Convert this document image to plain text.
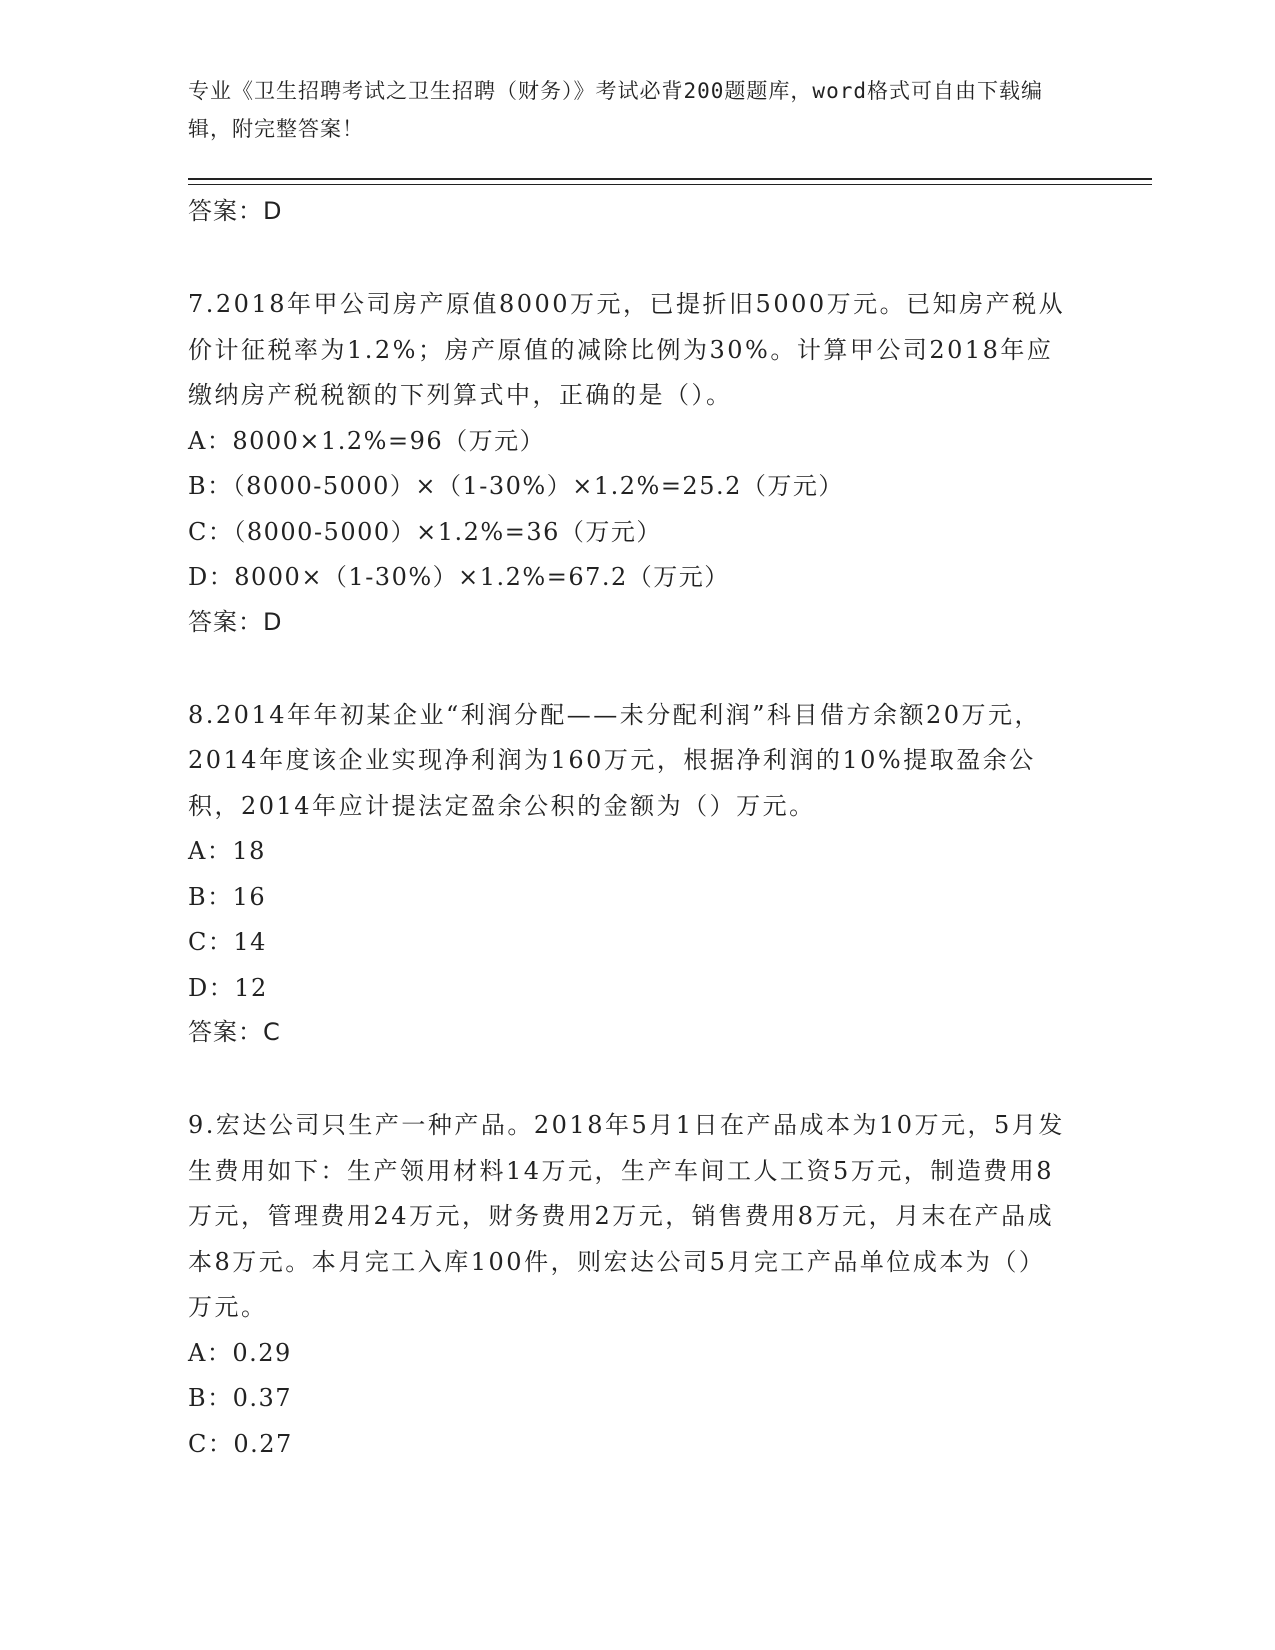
专业《卫生招聘考试之卫生招聘（财务）》考试必背200题题库，word格式可自由下载编辑，附完整答案！
答案：D
7.2018年甲公司房产原值8000万元，已提折旧5000万元。已知房产税从价计征税率为1.2%；房产原值的减除比例为30%。计算甲公司2018年应缴纳房产税税额的下列算式中，正确的是（）。
A：8000×1.2%=96（万元）
B：（8000-5000）×（1-30%）×1.2%=25.2（万元）
C：（8000-5000）×1.2%=36（万元）
D：8000×（1-30%）×1.2%=67.2（万元）
答案：D
8.2014年年初某企业“利润分配——未分配利润”科目借方余额20万元，2014年度该企业实现净利润为160万元，根据净利润的10%提取盈余公积，2014年应计提法定盈余公积的金额为（）万元。
A：18
B：16
C：14
D：12
答案：C
9.宏达公司只生产一种产品。2018年5月1日在产品成本为10万元，5月发生费用如下：生产领用材料14万元，生产车间工人工资5万元，制造费用8万元，管理费用24万元，财务费用2万元，销售费用8万元，月末在产品成本8万元。本月完工入库100件，则宏达公司5月完工产品单位成本为（）万元。
A：0.29
B：0.37
C：0.27
